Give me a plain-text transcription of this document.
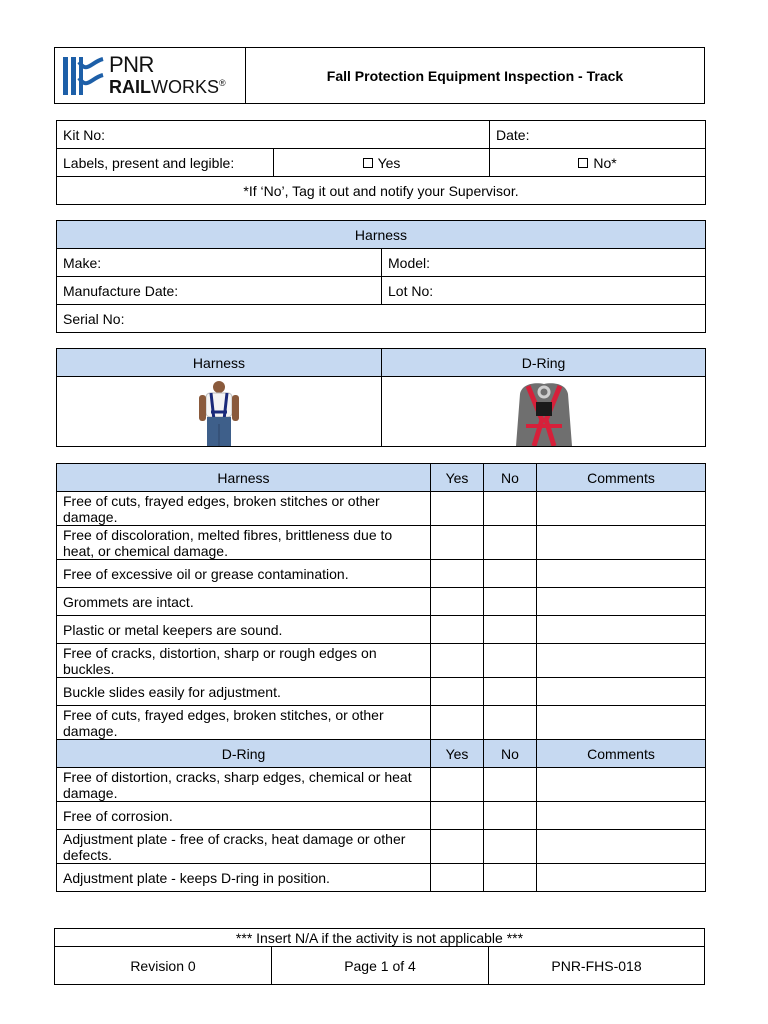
PNR
RAILWORKS®	Fall Protection Equipment Inspection - Track
Kit No:		Date:
Labels, present and legible:	Yes	No*
*If ‘No’, Tag it out and notify your Supervisor.		
Harness	
Make:	Model:
Manufacture Date:	Lot No:
Serial No:	
Harness	D-Ring

Harness	Yes	No	Comments
Free of cuts, frayed edges, broken stitches or other damage.			
Free of discoloration, melted fibres, brittleness due to heat, or chemical damage.			
Free of excessive oil or grease contamination.			
Grommets are intact.			
Plastic or metal keepers are sound.			
Free of cracks, distortion, sharp or rough edges on buckles.			
Buckle slides easily for adjustment.			
Free of cuts, frayed edges, broken stitches, or other damage.			
D-Ring	Yes	No	Comments
Free of distortion, cracks, sharp edges, chemical or heat damage.			
Free of corrosion.			
Adjustment plate - free of cracks, heat damage or other defects.			
Adjustment plate - keeps D-ring in position.			
*** Insert N/A if the activity is not applicable ***
Revision 0	Page 1 of 4	PNR-FHS-018
